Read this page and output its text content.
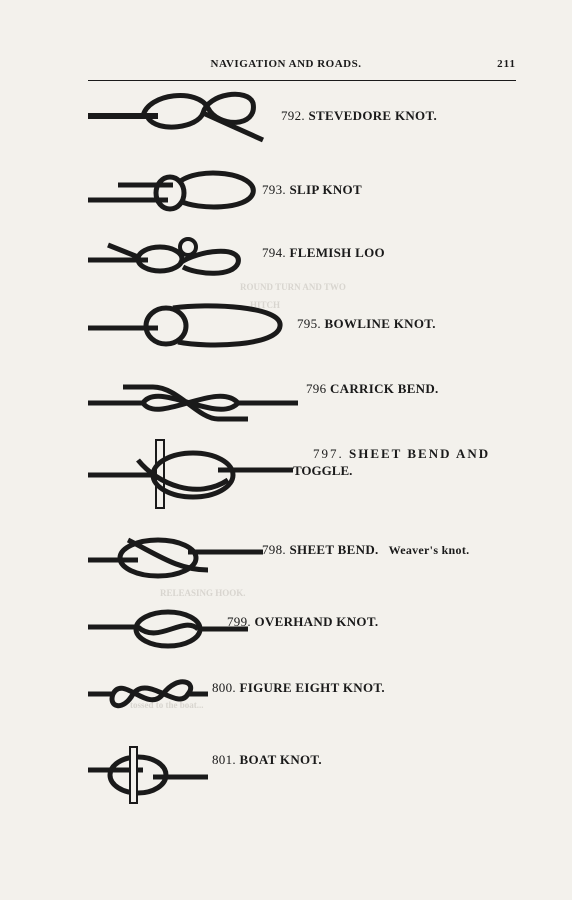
ROUND TURN AND TWO
HITCH
RELEASING HOOK.
tossed to the boat...
NAVIGATION AND ROADS.	211
792. STEVEDORE KNOT.
793. SLIP KNOT
794. FLEMISH LOO
795. BOWLINE KNOT.
796 CARRICK BEND.
797. SHEET BEND AND
TOGGLE.
798. SHEET BEND. Weaver's knot.
799. OVERHAND KNOT.
800. FIGURE EIGHT KNOT.
801. BOAT KNOT.
